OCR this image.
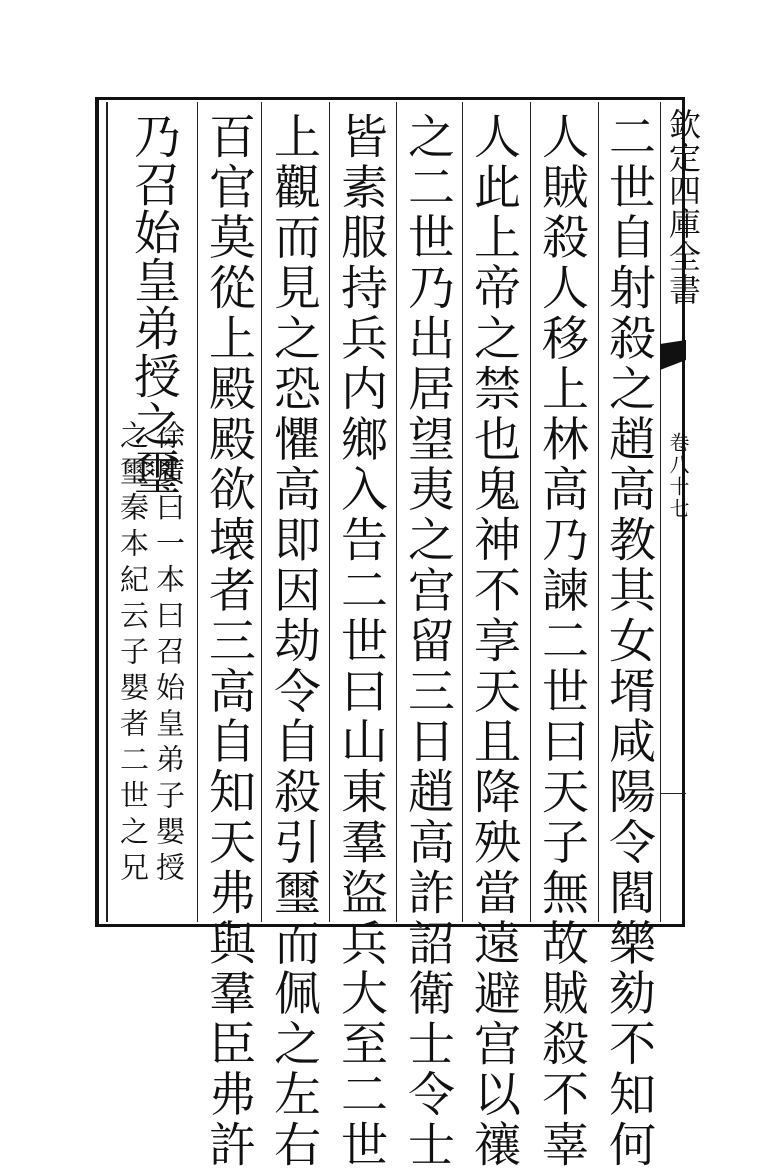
欽定四庫全書
卷八十七
二世自射殺之趙高教其女壻咸陽令閻樂劾不知何
人賊殺人移上林高乃諫二世曰天子無故賊殺不辜
人此上帝之禁也鬼神不享天且降殃當遠避宫以禳
之二世乃出居望夷之宫留三日趙高詐詔衛士令士
皆素服持兵内鄉入告二世曰山東羣盜兵大至二世
上觀而見之恐懼高即因劫令自殺引璽而佩之左右
百官莫從上殿殿欲壊者三高自知天弗與羣臣弗許
乃召始皇弟授之璽
徐廣曰一本曰召始皇弟子嬰授
之璽秦本紀云子嬰者二世之兄
